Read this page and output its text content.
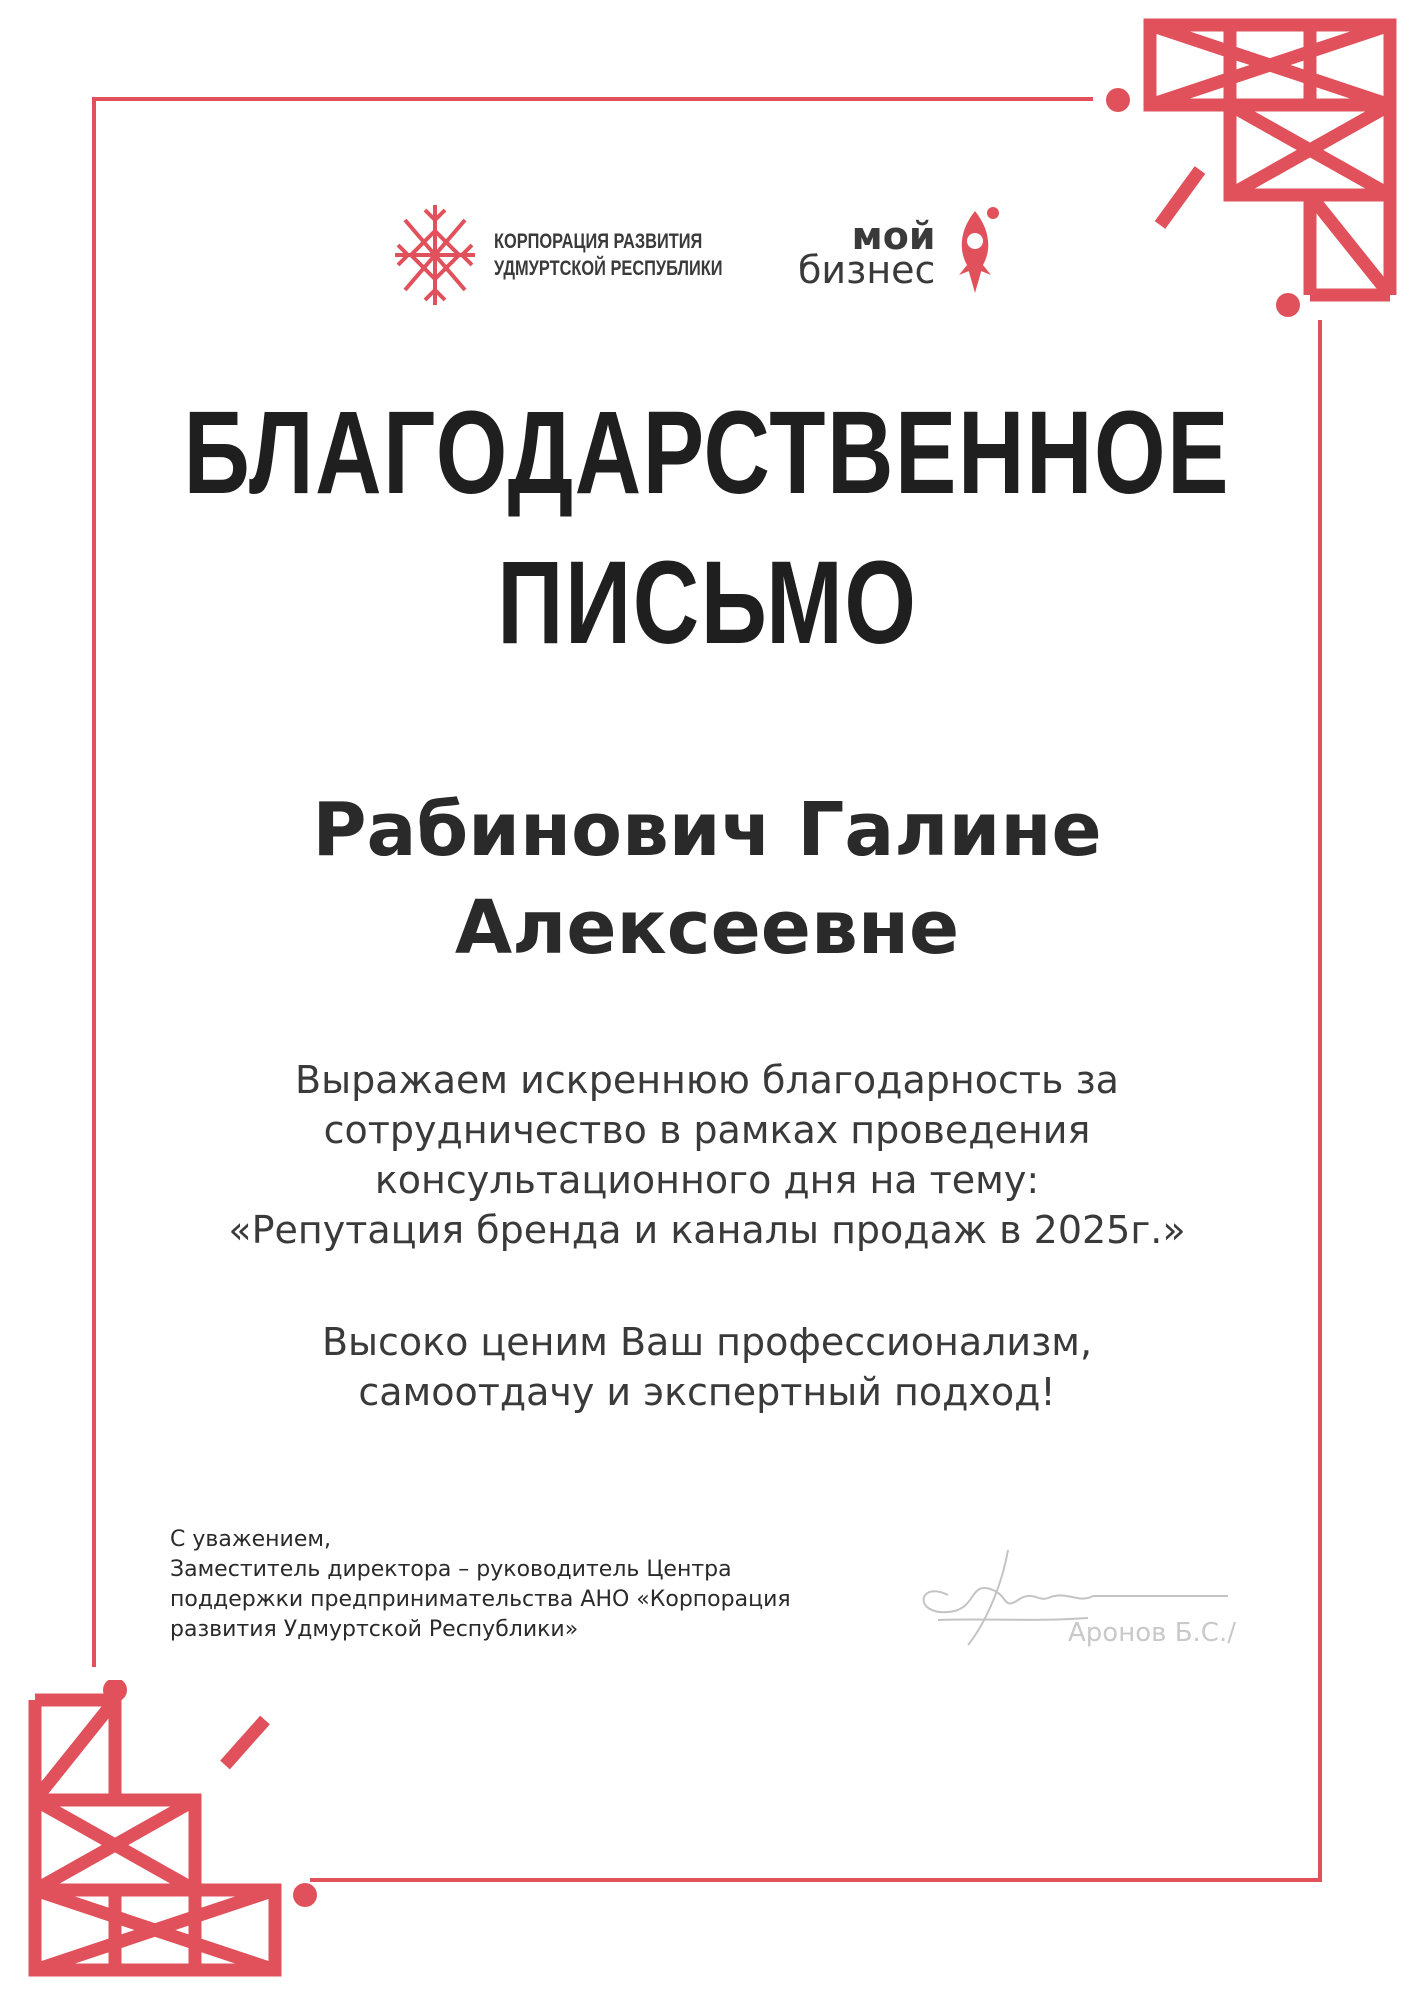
КОРПОРАЦИЯ РАЗВИТИЯ
УДМУРТСКОЙ РЕСПУБЛИКИ
мой
бизнес
БЛАГОДАРСТВЕННОЕ
ПИСЬМО
Рабинович Галине
Алексеевне
Выражаем искреннюю благодарность за
сотрудничество в рамках проведения
консультационного дня на тему:
«Репутация бренда и каналы продаж в 2025г.»
Высоко ценим Ваш профессионализм,
самоотдачу и экспертный подход!
С уважением,
Заместитель директора – руководитель Центра
поддержки предпринимательства АНО «Корпорация
развития Удмуртской Республики»	Аронов Б.С./
